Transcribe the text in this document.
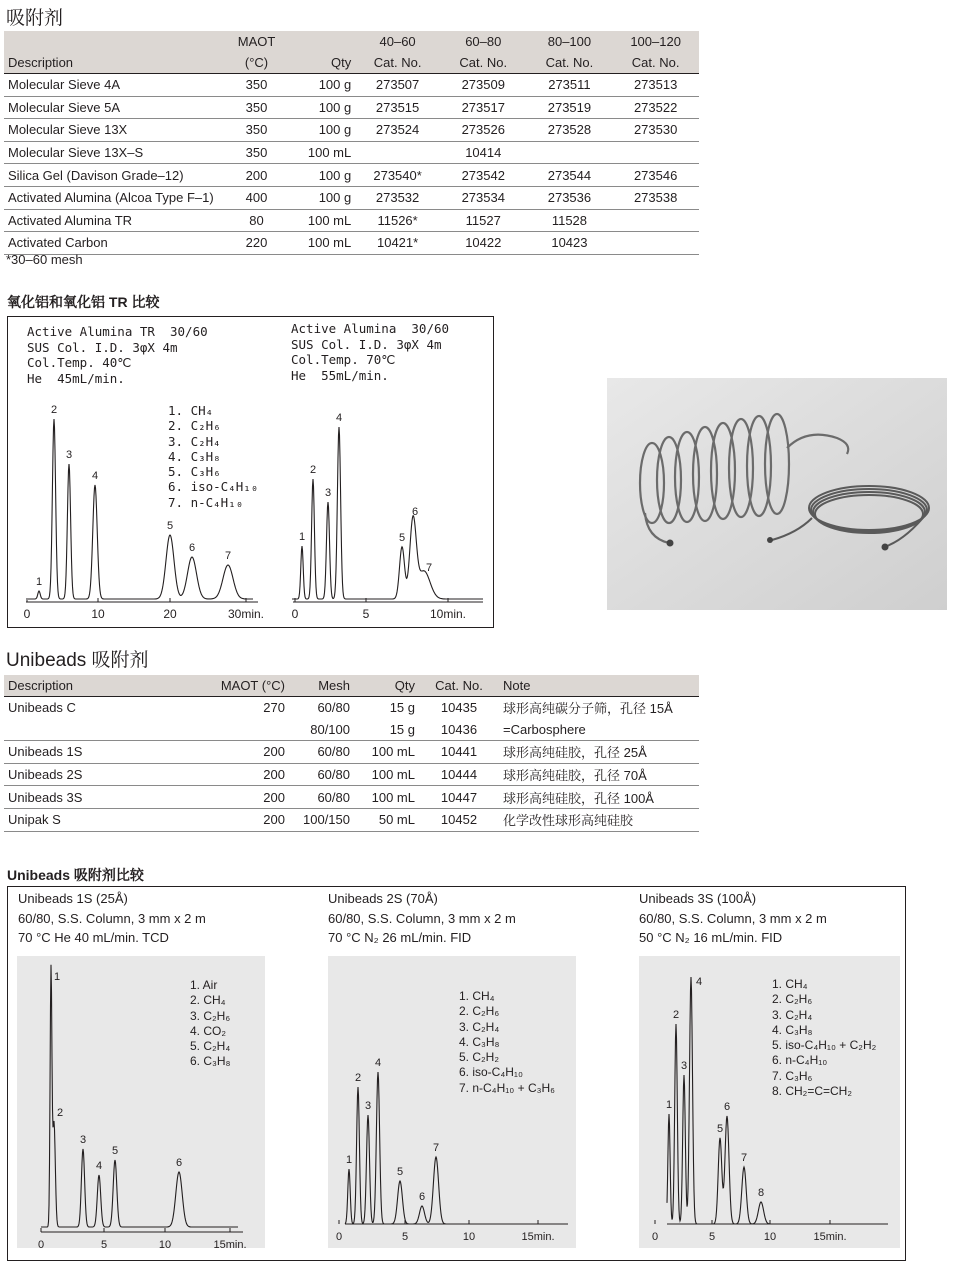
吸附剂
	MAOT		40–60	60–80	80–100	100–120
Description	(°C)	Qty	Cat. No.	Cat. No.	Cat. No.	Cat. No.
Molecular Sieve 4A	350	100 g	273507	273509	273511	273513
Molecular Sieve 5A	350	100 g	273515	273517	273519	273522
Molecular Sieve 13X	350	100 g	273524	273526	273528	273530
Molecular Sieve 13X–S	350	100 mL		10414		
Silica Gel (Davison Grade–12)	200	100 g	273540*	273542	273544	273546
Activated Alumina (Alcoa Type F–1)	400	100 g	273532	273534	273536	273538
Activated Alumina TR	80	100 mL	11526*	11527	11528	
Activated Carbon	220	100 mL	10421*	10422	10423	
*30–60 mesh
氧化铝和氧化铝 TR 比较
Active Alumina TR  30/60
SUS Col. I.D. 3φX 4m
Col.Temp. 40℃
He  45mL/min.
Active Alumina  30/60
SUS Col. I.D. 3φX 4m
Col.Temp. 70℃
He  55mL/min.
1. CH₄
2. C₂H₆
3. C₂H₄
4. C₃H₈
5. C₃H₆
6. iso-C₄H₁₀
7. n-C₄H₁₀
0	10	20	30min.
1
2
3
4
5
6
7
0	5	10min.
1
2
3
4
5
6
7
Unibeads 吸附剂
Description	MAOT (°C)	Mesh	Qty	Cat. No.	Note
Unibeads C	270	60/80	15 g	10435	球形高纯碳分子筛，孔径 15Å
		80/100	15 g	10436	=Carbosphere
Unibeads 1S	200	60/80	100 mL	10441	球形高纯硅胶，孔径 25Å
Unibeads 2S	200	60/80	100 mL	10444	球形高纯硅胶，孔径 70Å
Unibeads 3S	200	60/80	100 mL	10447	球形高纯硅胶，孔径 100Å
Unipak S	200	100/150	50 mL	10452	化学改性球形高纯硅胶
Unibeads 吸附剂比较
Unibeads 1S (25Å)
60/80, S.S. Column, 3 mm x 2 m
70 °C He 40 mL/min. TCD
Unibeads 2S (70Å)
60/80, S.S. Column, 3 mm x 2 m
70 °C N₂ 26 mL/min. FID
Unibeads 3S (100Å)
60/80, S.S. Column, 3 mm x 2 m
50 °C N₂ 16 mL/min. FID
1. Air
2. CH₄
3. C₂H₆
4. CO₂
5. C₂H₄
6. C₃H₈
1. CH₄
2. C₂H₆
3. C₂H₄
4. C₃H₈
5. C₂H₂
6. iso-C₄H₁₀
7. n-C₄H₁₀ + C₃H₆
1. CH₄
2. C₂H₆
3. C₂H₄
4. C₃H₈
5. iso-C₄H₁₀ + C₂H₂
6. n-C₄H₁₀
7. C₃H₆
8. CH₂=C=CH₂
0	5	10	15min.
1
2
3
4
5
6
0	5	10	15min.
1
2
3
4
5
6
7
0	5	10	15min.
1
2
3
4
5
6
7
8
